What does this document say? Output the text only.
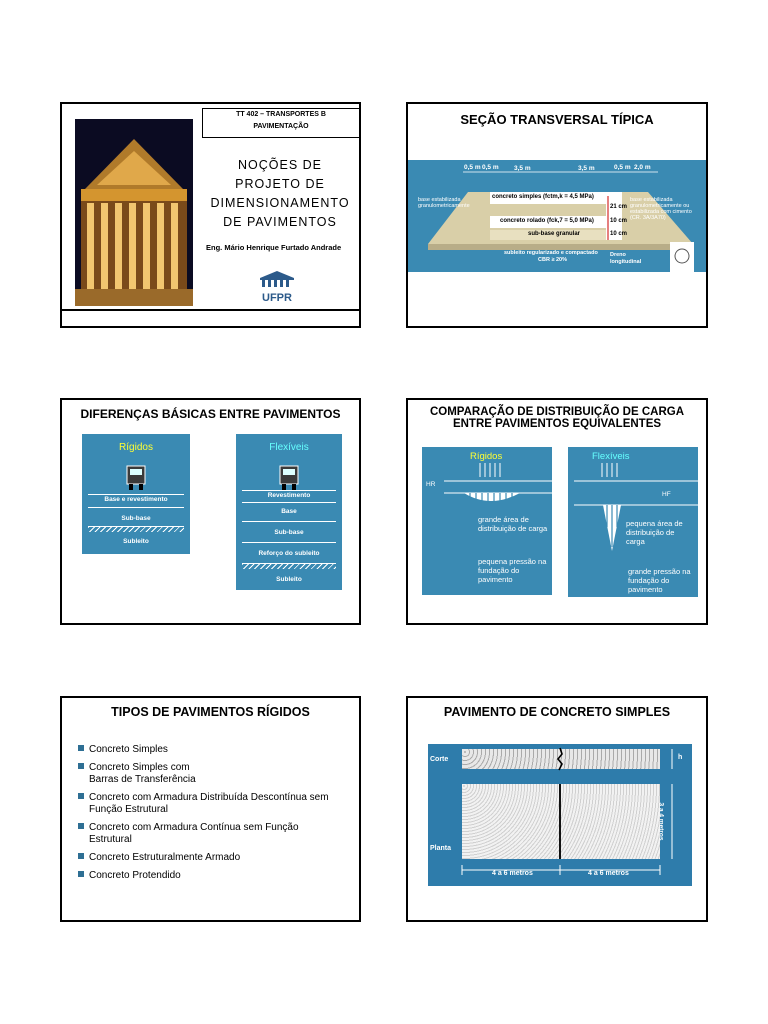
TT 402 – TRANSPORTES B
PAVIMENTAÇÃO
NOÇÕES DE
PROJETO DE
DIMENSIONAMENTO
DE PAVIMENTOS
Eng. Mário Henrique Furtado Andrade
UFPR
SEÇÃO TRANSVERSAL TÍPICA
0,5 m 0,5 m 3,5 m	3,5 m	0,5 m 2,0 m
base estabilizada granulometricamente
base estabilizada granulometricamente ou estabilizada com cimento (CR. 3A/3A70)
concreto simples (fctm,k = 4,5 MPa)
concreto rolado (fck,7 = 5,0 MPa)
sub-base granular
21 cm
10 cm
10 cm
subleito regularizado e compactado
CBR ≥ 20%
Dreno longitudinal
DIFERENÇAS BÁSICAS ENTRE PAVIMENTOS
Rígidos
Base e revestimento
Sub-base
Subleito
Flexíveis
Revestimento
Base
Sub-base
Reforço do subleito
Subleito
COMPARAÇÃO DE DISTRIBUIÇÃO DE CARGA
ENTRE PAVIMENTOS EQUIVALENTES
Rígidos
HR
grande área de distribuição de carga
pequena pressão na fundação do pavimento
Flexíveis
HF
pequena área de distribuição de carga
grande pressão na fundação do pavimento
TIPOS DE PAVIMENTOS RÍGIDOS
Concreto Simples
Concreto Simples com
Barras de Transferência
Concreto com Armadura Distribuída Descontínua sem
Função Estrutural
Concreto com Armadura Contínua sem Função
Estrutural
Concreto Estruturalmente Armado
Concreto Protendido
PAVIMENTO DE CONCRETO SIMPLES
Corte
Planta
h
3 a 4 metros
4 a 6 metros	4 a 6 metros
